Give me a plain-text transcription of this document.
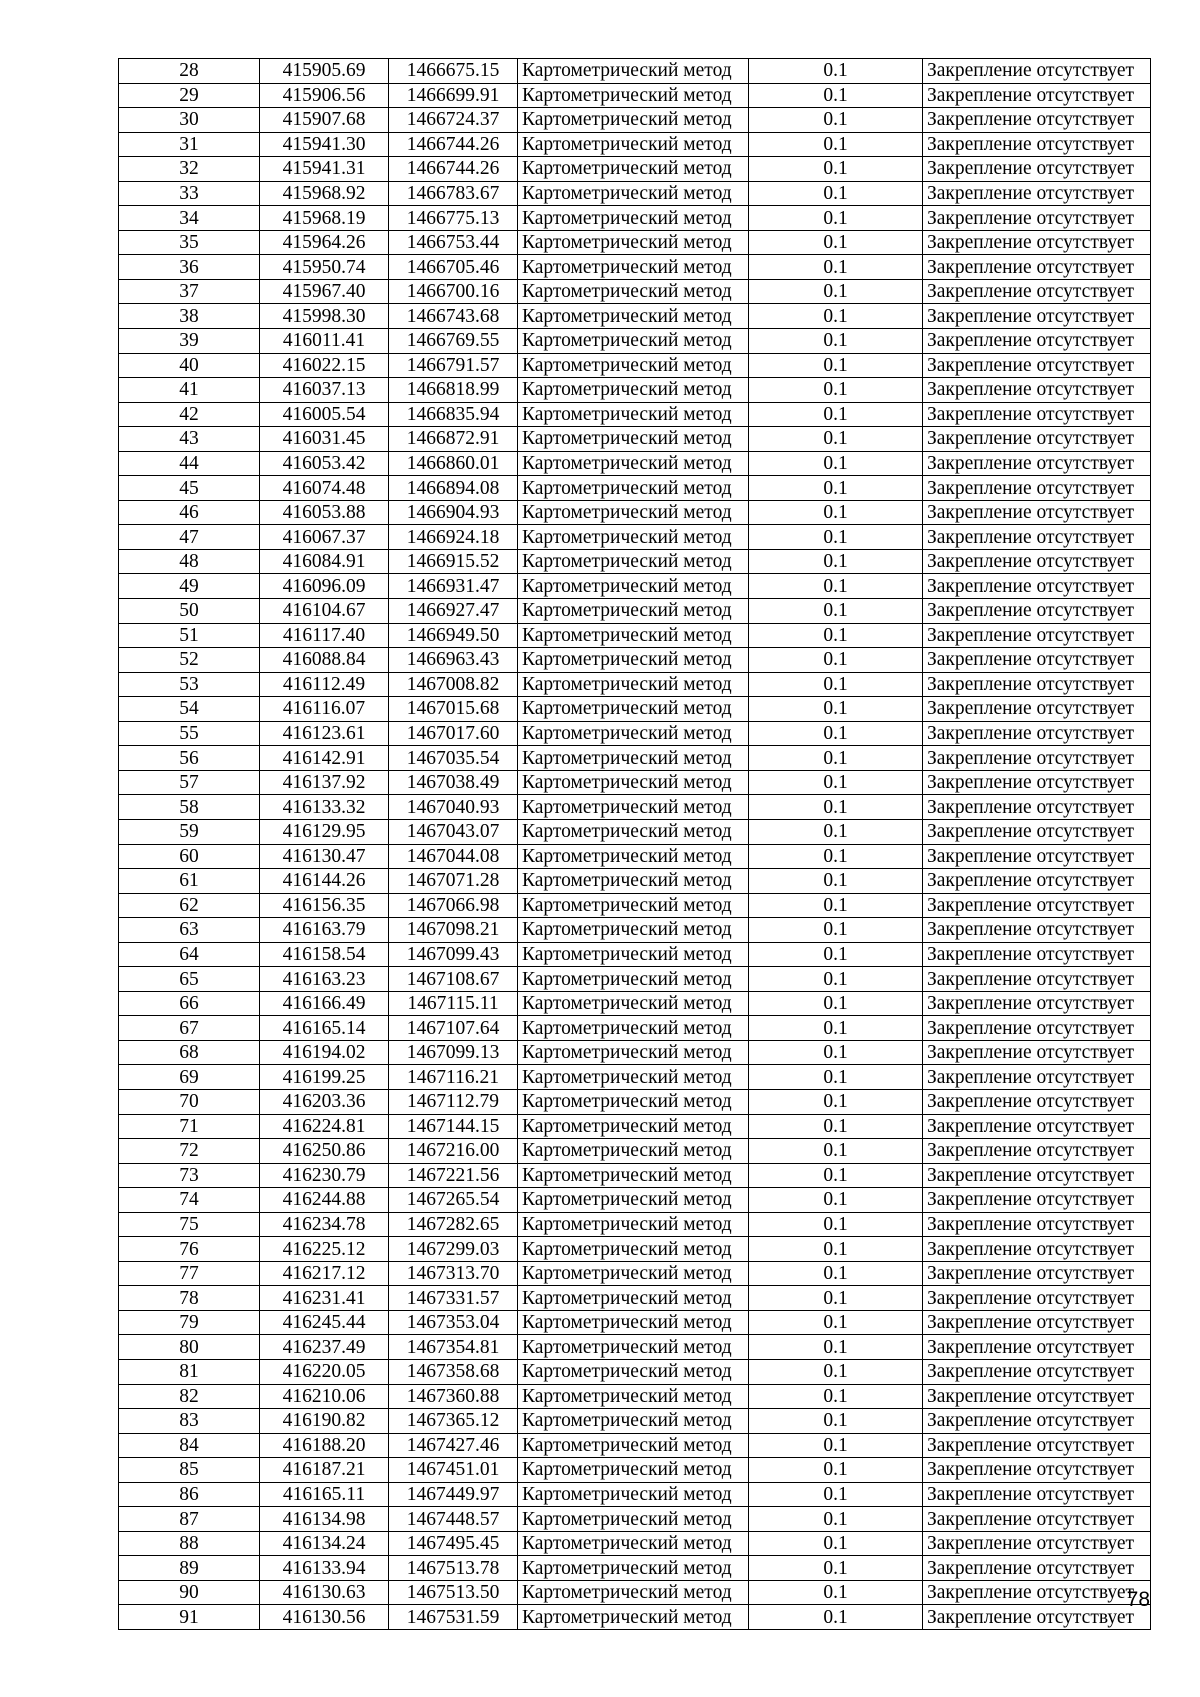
28	415905.69	1466675.15	Картометрический метод	0.1	Закрепление отсутствует
29	415906.56	1466699.91	Картометрический метод	0.1	Закрепление отсутствует
30	415907.68	1466724.37	Картометрический метод	0.1	Закрепление отсутствует
31	415941.30	1466744.26	Картометрический метод	0.1	Закрепление отсутствует
32	415941.31	1466744.26	Картометрический метод	0.1	Закрепление отсутствует
33	415968.92	1466783.67	Картометрический метод	0.1	Закрепление отсутствует
34	415968.19	1466775.13	Картометрический метод	0.1	Закрепление отсутствует
35	415964.26	1466753.44	Картометрический метод	0.1	Закрепление отсутствует
36	415950.74	1466705.46	Картометрический метод	0.1	Закрепление отсутствует
37	415967.40	1466700.16	Картометрический метод	0.1	Закрепление отсутствует
38	415998.30	1466743.68	Картометрический метод	0.1	Закрепление отсутствует
39	416011.41	1466769.55	Картометрический метод	0.1	Закрепление отсутствует
40	416022.15	1466791.57	Картометрический метод	0.1	Закрепление отсутствует
41	416037.13	1466818.99	Картометрический метод	0.1	Закрепление отсутствует
42	416005.54	1466835.94	Картометрический метод	0.1	Закрепление отсутствует
43	416031.45	1466872.91	Картометрический метод	0.1	Закрепление отсутствует
44	416053.42	1466860.01	Картометрический метод	0.1	Закрепление отсутствует
45	416074.48	1466894.08	Картометрический метод	0.1	Закрепление отсутствует
46	416053.88	1466904.93	Картометрический метод	0.1	Закрепление отсутствует
47	416067.37	1466924.18	Картометрический метод	0.1	Закрепление отсутствует
48	416084.91	1466915.52	Картометрический метод	0.1	Закрепление отсутствует
49	416096.09	1466931.47	Картометрический метод	0.1	Закрепление отсутствует
50	416104.67	1466927.47	Картометрический метод	0.1	Закрепление отсутствует
51	416117.40	1466949.50	Картометрический метод	0.1	Закрепление отсутствует
52	416088.84	1466963.43	Картометрический метод	0.1	Закрепление отсутствует
53	416112.49	1467008.82	Картометрический метод	0.1	Закрепление отсутствует
54	416116.07	1467015.68	Картометрический метод	0.1	Закрепление отсутствует
55	416123.61	1467017.60	Картометрический метод	0.1	Закрепление отсутствует
56	416142.91	1467035.54	Картометрический метод	0.1	Закрепление отсутствует
57	416137.92	1467038.49	Картометрический метод	0.1	Закрепление отсутствует
58	416133.32	1467040.93	Картометрический метод	0.1	Закрепление отсутствует
59	416129.95	1467043.07	Картометрический метод	0.1	Закрепление отсутствует
60	416130.47	1467044.08	Картометрический метод	0.1	Закрепление отсутствует
61	416144.26	1467071.28	Картометрический метод	0.1	Закрепление отсутствует
62	416156.35	1467066.98	Картометрический метод	0.1	Закрепление отсутствует
63	416163.79	1467098.21	Картометрический метод	0.1	Закрепление отсутствует
64	416158.54	1467099.43	Картометрический метод	0.1	Закрепление отсутствует
65	416163.23	1467108.67	Картометрический метод	0.1	Закрепление отсутствует
66	416166.49	1467115.11	Картометрический метод	0.1	Закрепление отсутствует
67	416165.14	1467107.64	Картометрический метод	0.1	Закрепление отсутствует
68	416194.02	1467099.13	Картометрический метод	0.1	Закрепление отсутствует
69	416199.25	1467116.21	Картометрический метод	0.1	Закрепление отсутствует
70	416203.36	1467112.79	Картометрический метод	0.1	Закрепление отсутствует
71	416224.81	1467144.15	Картометрический метод	0.1	Закрепление отсутствует
72	416250.86	1467216.00	Картометрический метод	0.1	Закрепление отсутствует
73	416230.79	1467221.56	Картометрический метод	0.1	Закрепление отсутствует
74	416244.88	1467265.54	Картометрический метод	0.1	Закрепление отсутствует
75	416234.78	1467282.65	Картометрический метод	0.1	Закрепление отсутствует
76	416225.12	1467299.03	Картометрический метод	0.1	Закрепление отсутствует
77	416217.12	1467313.70	Картометрический метод	0.1	Закрепление отсутствует
78	416231.41	1467331.57	Картометрический метод	0.1	Закрепление отсутствует
79	416245.44	1467353.04	Картометрический метод	0.1	Закрепление отсутствует
80	416237.49	1467354.81	Картометрический метод	0.1	Закрепление отсутствует
81	416220.05	1467358.68	Картометрический метод	0.1	Закрепление отсутствует
82	416210.06	1467360.88	Картометрический метод	0.1	Закрепление отсутствует
83	416190.82	1467365.12	Картометрический метод	0.1	Закрепление отсутствует
84	416188.20	1467427.46	Картометрический метод	0.1	Закрепление отсутствует
85	416187.21	1467451.01	Картометрический метод	0.1	Закрепление отсутствует
86	416165.11	1467449.97	Картометрический метод	0.1	Закрепление отсутствует
87	416134.98	1467448.57	Картометрический метод	0.1	Закрепление отсутствует
88	416134.24	1467495.45	Картометрический метод	0.1	Закрепление отсутствует
89	416133.94	1467513.78	Картометрический метод	0.1	Закрепление отсутствует
90	416130.63	1467513.50	Картометрический метод	0.1	Закрепление отсутствует
91	416130.56	1467531.59	Картометрический метод	0.1	Закрепление отсутствует
78
